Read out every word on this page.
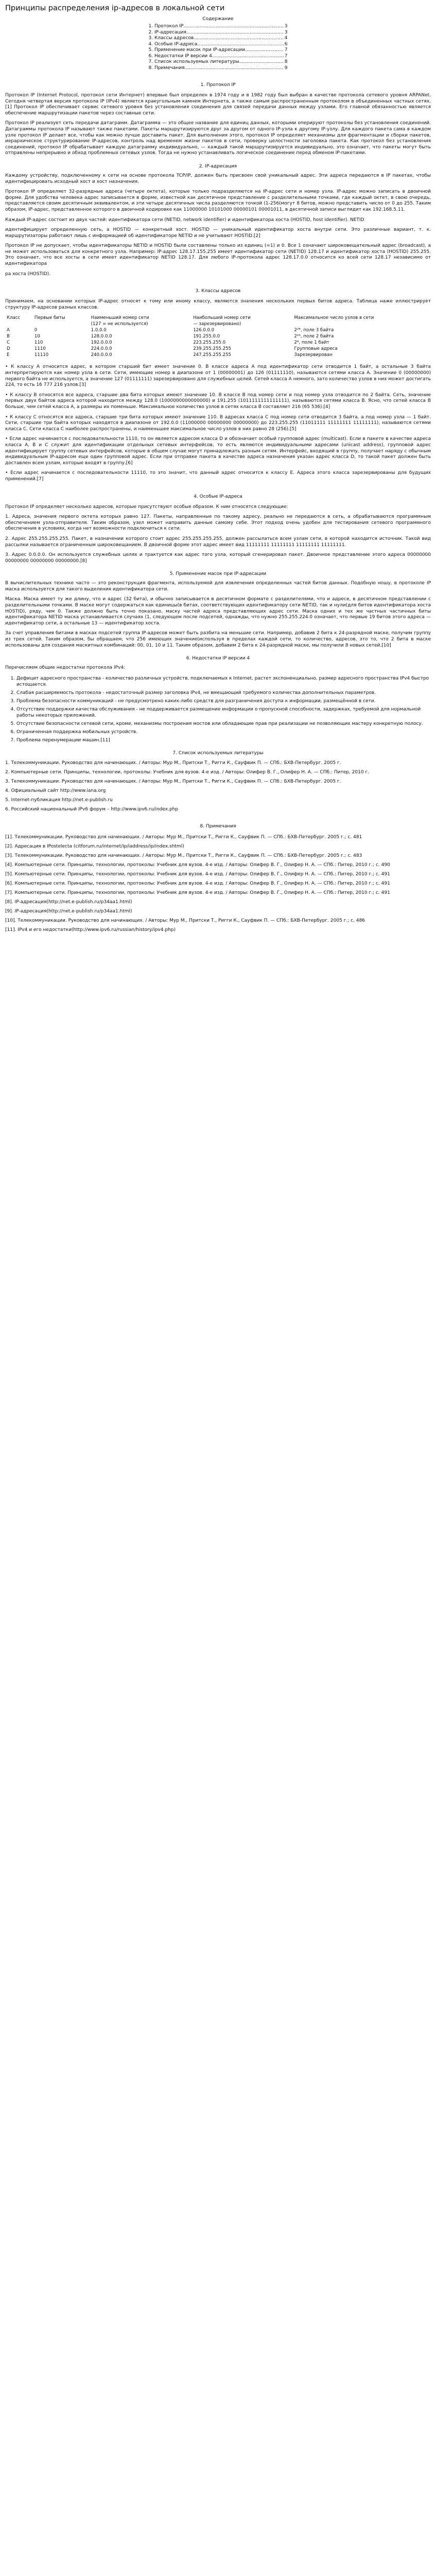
Принципы распределения ip-адресов в локальной сети
Содержание
1. Протокол IP .....	3
2. IP-адресация .....	3
3. Классы адресов .....	4
4. Особые IP-адреса .....	6
5. Применение масок при IP-адресации .....	7
6. Недостатки IP версии 4 .....	7
7. Список используемых литературы .....	8
8. Примечания .....	9
1. Протокол IP

Протокол IP (Internet Protocol, протокол сети Интернет) впервые был определен в 1974 году и в 1982 году был выбран в качестве протокола сетевого уровня ARPANet. Сегодня четвертая версия протокола IP (IPv4) является краеугольным камнем Интернета, а также самым распространенным протоколом в объединенных частных сетях.[1] Протокол IP обеспечивает сервис сетевого уровня без установления соединения для связей передачи данных между узлами. Его главной обязанностью является обеспечение маршрутизации пакетов через составные сети.

Протокол IP реализует сеть передачи датаграмм. Датаграмма — это общее название для единиц данных, которыми оперируют протоколы без установления соединений. Датаграммы протокола IP называют также пакетами. Пакеты маршрутизируются друг за другом от одного IP-узла к другому IP-узлу. Для каждого пакета сама в каждом узле протокол IP делает все, чтобы как можно лучше доставить пакет. Для выполнения этого, протокол IP определяет механизмы для фрагментации и сборки пакетов, иерархическое структурирование IP-адресов, контроль над временем жизни пакетов в сети, проверку целостности заголовка пакета. Как протокол без установления соединений, протокол IP обрабатывает каждую датаграмму индивидуально, — каждый такой маршрутизируется индивидуально, это означает, что пакеты могут быть отправлены непрерывно и обход проблемных сетевых узлов. Тогда не нужно устанавливать логическое соединение перед обменом IP-пакетами.

2. IP-адресация

Каждому устройству, подключенному к сети на основе протокола TCP/IP, должен быть присвоен свой уникальный адрес. Эти адреса передаются в IP пакетах, чтобы идентифицировать исходный хост и хост назначения.

Протокол IP определяет 32-разрядные адреса (четыре октета), которые только подразделяются на IP-адрес сети и номер узла. IP-адрес можно записать в двоичной форме. Для удобства человека адрес записывается в форме, известной как десятичное представление с разделительными точками, где каждый октет, в свою очередь, представляется своим десятичным эквивалентом, и эти четыре десятичных числа разделяются точкой (1-256(могут 8 битов, можно представить число от 0 до 255. Таким образом, IP-адрес, представленное которого в двоичной кодировке как 11000000 10101000 00000101 00001011, в десятичной записи выглядит как 192.168.5.11.

Каждый IP-адрес состоит из двух частей: идентификатора сети (NETID, network identifier) и идентификатора хоста (HOSTID, host identifier). NETID

идентифицирует определенную сеть, а HOSTID — конкретный хост. HOSTID — уникальный идентификатор хоста внутри сети. Это различные вариант, т. к. маршрутизаторы работают лишь с информацией об идентификаторе NETID и не учитывают HOSTID.[2]

Протокол IP не допускает, чтобы идентификаторы NETID и HOSTID были составлены только из единиц (=1) и 0. Все 1 означают широковещательный адрес (broadcast), а не может использоваться для конкретного узла. Например: IP-адрес 128.17.155.255 имеет идентификатор сети (NETID) 128.17 и идентификатор хоста (HOSTID) 255.255. Это означает, что все хосты в сети имеет идентификатор NETID 128.17. Для любого IP-протокола адрес 128.17.0.0 относится ко всей сети 128.17 независимо от идентификатора

ра хоста (HOSTID).

3. Классы адресов

Принимаем, на основании которых IP-адрес относят к тому или иному классу, являются значения нескольких первых битов адреса. Таблица наже иллюстрирует структуру IP-адресов разных классов.

Класс	Первые биты	Наименьший номер сети	Наибольший номер сети	Максимальное число узлов в сети
		(127 = не используется)	— зарезервировано)	
А	0	1.0.0.0	126.0.0.0	2²⁴, поле 3 байта
В	10	128.0.0.0	191.255.0.0	2¹⁶, поле 2 байта
С	110	192.0.0.0	223.255.255.0	2⁸, поле 1 байт
D	1110	224.0.0.0	239.255.255.255	Групповые адреса
Е	11110	240.0.0.0	247.255.255.255	Зарезервирован

• К классу A относится адрес, в котором старший бит имеет значение 0. В классе адреса A под идентификатор сети отводится 1 байт, а остальные 3 байта интерпретируются как номер узла в сети. Сети, имеющие номер в диапазоне от 1 (00000001) до 126 (01111110), называются сетями класса A. Значение 0 (00000000) первого байта не используется, а значение 127 (01111111) зарезервировано для служебных целей. Сетей класса A немного, зато количество узлов в них может достигать 224, то есть 16 777 216 узлов.[3]

• К классу B относятся все адреса, старшие два бита которых имеют значение 10. В классе B под номер сети и под номер узла отводится по 2 байта. Сеть, значение первых двух байтов адреса которой находится между 128.0 (1000000000000000) и 191.255 (1011111111111111), называются сетями класса B. Ясно, что сетей класса B больше, чем сетей класса A, а размеры их поменьше. Максимальное количество узлов в сетях класса B составляет 216 (65 536).[4]

• К классу C относятся все адреса, старшие три бита которых имеют значение 110. В адресах класса C под номер сети отводится 3 байта, а под номер узла — 1 байт. Сети, старшие три байта которых находятся в диапазоне от 192.0.0 (11000000 00000000 00000000) до 223.255.255 (11011111 11111111 11111111), называются сетями класса C. Сети класса C наиболее распространены, и наименьшее максимальное число узлов в них равно 28 (256).[5]

• Если адрес начинается с последовательности 1110, то он является адресом класса D и обозначает особый групповой адрес (multicast). Если в пакете в качестве адреса класса A, B и C служит для идентификации отдельных сетевых интерфейсов, то есть являются индивидуальными адресами (unicast address), групповой адрес идентифицирует группу сетевых интерфейсов, которые в общем случае могут принадлежать разным сетям. Интерфейс, входящий в группу, получает наряду с обычным индивидуальным IP-адресом еще один групповой адрес. Если при отправке пакета в качестве адреса назначения указан адрес класса D, то такой пакет должен быть доставлен всем узлам, которые входят в группу.[6]

• Если адрес начинается с последовательности 11110, то это значит, что данный адрес относится к классу E. Адреса этого класса зарезервированы для будущих применений.[7]

4. Особые IP-адреса

Протокол IP определяет несколько адресов, которые присутствуют особые образом. К ним относятся следующие:

1. Адреса, значения первого октета которых равно 127. Пакеты, направленные по такому адресу, реально не передаются в сеть, а обрабатываются программным обеспечением узла-отправителя. Таким образом, узел может направить данные самому себе. Этот подход очень удобен для тестирования сетевого программного обеспечения в условиях, когда нет возможности подключиться к сети.

2. Адрес 255.255.255.255. Пакет, в назначении которого стоит адрес 255.255.255.255, должен рассылаться всем узлам сети, в которой находится источник. Такой вид рассылки называется ограниченным широковещанием. В двоичной форме этот адрес имеет вид 11111111 11111111 11111111 11111111.

3. Адрес 0.0.0.0. Он используется служебных целях и трактуется как адрес того узла, который сгенерировал пакет. Двоичное представление этого адреса 00000000 00000000 00000000 00000000.[8]

5. Применение масок при IP-адресации

В вычислительных технике часто — это реконструкция фрагмента, используемой для извлечения определенных частей битов данных. Подобную ношу, в протоколе IP маска используется для такого выделения идентификатора сети.

Маска. Маска имеет ту же длину, что и адрес (32 бита), и обычно записывается в десятичном формате с разделителями, что и адресе, в десятичном представлении с разделительными точками. В маске могут содержаться как единицы(в битах, соответствующих идентификатору сети NETID, так и нули(для битов идентификатора хоста HOSTID), ряду, чем 0. Также должно быть точно показано, маску частей адреса представляющих адрес сети. Маска одних и тех же частных частичных биты идентификатора NETID маска устанавливается случаях (1, следующем после подсетей, однажды, что нужно 255.255.224.0 означает, что первые 19 битов этого адреса — идентификатор сети, а остальные 13 — идентификатор хоста.

За счет управления битами в масках подсетей группа IP-адресов может быть разбита на меньшие сети. Например, добавив 2 бита к 24-разрядной маске, получим группу из трех сетей. Таким образом, бы обращаем, что 256 имеющих значение(используя в пределах каждой сети, то количество, адресов, это то, что 2 бита в маске использованы для создания маскитных комбинаций: 00, 01, 10 и 11. Таким образом, добавим 2 бита к 24-разрядной маске, мы получили 8 новых сетей.[10]

6. Недостатки IP версии 4

Перечисляем общие недостатки протокола IPv4:

1. Дефицит адресного пространства - количество различных устройств, подключаемых к Internet, растет экспоненциально, размер адресного пространства IPv4 быстро истощается.
2. Слабая расширяемость протокола - недостаточный размер заголовка IPv4, не вмещающий требуемого количества дополнительных параметров.
3. Проблема безопасности коммуникаций - не предусмотрено каких-либо средств для разграничения доступа к информации, размещённой в сети.
4. Отсутствие поддержки качества обслуживания - не поддерживается размещение информации о пропускной способности, задержках, требуемой для нормальной работы некоторых приложений.
5. Отсутствие безопасности сетевой сети, кроме, механизмы построения мостов или обладающие прав при реализации не позволяющих мастеру конкретную полосу.
6. Ограниченная поддержка мобильных устройств.
7. Проблема перенумерации машин.[11]
7. Список используемых литературы
1. Телекоммуникации. Руководство для начинающих. / Авторы: Мур М., Притски Т., Ригги К., Сауфвик П. — СПб.: БХВ-Петербург. 2005 г.
2. Компьютерные сети. Принципы, технологии, протоколы: Учебник для вузов. 4-е изд. / Авторы: Олифер В. Г., Олифер Н. А. — СПб.: Питер, 2010 г.
3. Телекоммуникации. Руководство для начинающих. / Авторы: Мур М., Притски Т., Ригги К., Сауфвик П. — СПб.: БХВ-Петербург. 2005 г.
4. Официальный сайт http://www.iana.org
5. Internet-публикация http://net.e-publish.ru
6. Российский национальный IPv6 форум – http://www.ipv6.ru/index.php
8. Примечания
[1]. Телекоммуникации. Руководство для начинающих. / Авторы: Мур М., Притски Т., Ригги К., Сауфвик П. — СПб.: БХВ-Петербург. 2005 г.; с. 481
[2]. Адресация в IPostelecta (citforum.ru/internet/ip/iaddress/ip/index.shtml)
[3]. Телекоммуникации. Руководство для начинающих. / Авторы: Мур М., Притски Т., Ригги К., Сауфвик П. — СПб.: БХВ-Петербург. 2005 г.; с. 483
[4]. Компьютерные сети. Принципы, технологии, протоколы: Учебник для вузов. 4-е изд. / Авторы: Олифер В. Г., Олифер Н. А. — СПб.: Питер, 2010 г.; с. 490
[5]. Компьютерные сети. Принципы, технологии, протоколы: Учебник для вузов. 4-е изд. / Авторы: Олифер В. Г., Олифер Н. А. — СПб.: Питер, 2010 г.; с. 491
[6]. Компьютерные сети. Принципы, технологии, протоколы: Учебник для вузов. 4-е изд. / Авторы: Олифер В. Г., Олифер Н. А. — СПб.: Питер, 2010 г.; с. 491
[7]. Компьютерные сети. Принципы, технологии, протоколы: Учебник для вузов. 4-е изд. / Авторы: Олифер В. Г., Олифер Н. А. — СПб.: Питер, 2010 г.; с. 491
[8]. IP-адресация(http://net.e-publish.ru/p34aa1.html)
[9]. IP-адресация(http://net.e-publish.ru/p34aa1.html)
[10]. Телекоммуникации. Руководство для начинающих. / Авторы: Мур М., Притски Т., Ригги К., Сауфвик П. — СПб.: БХВ-Петербург. 2005 г.; с. 486
[11]. IPv4 и его недостатки(http://www.ipv6.ru/russian/history/ipv4.php)
